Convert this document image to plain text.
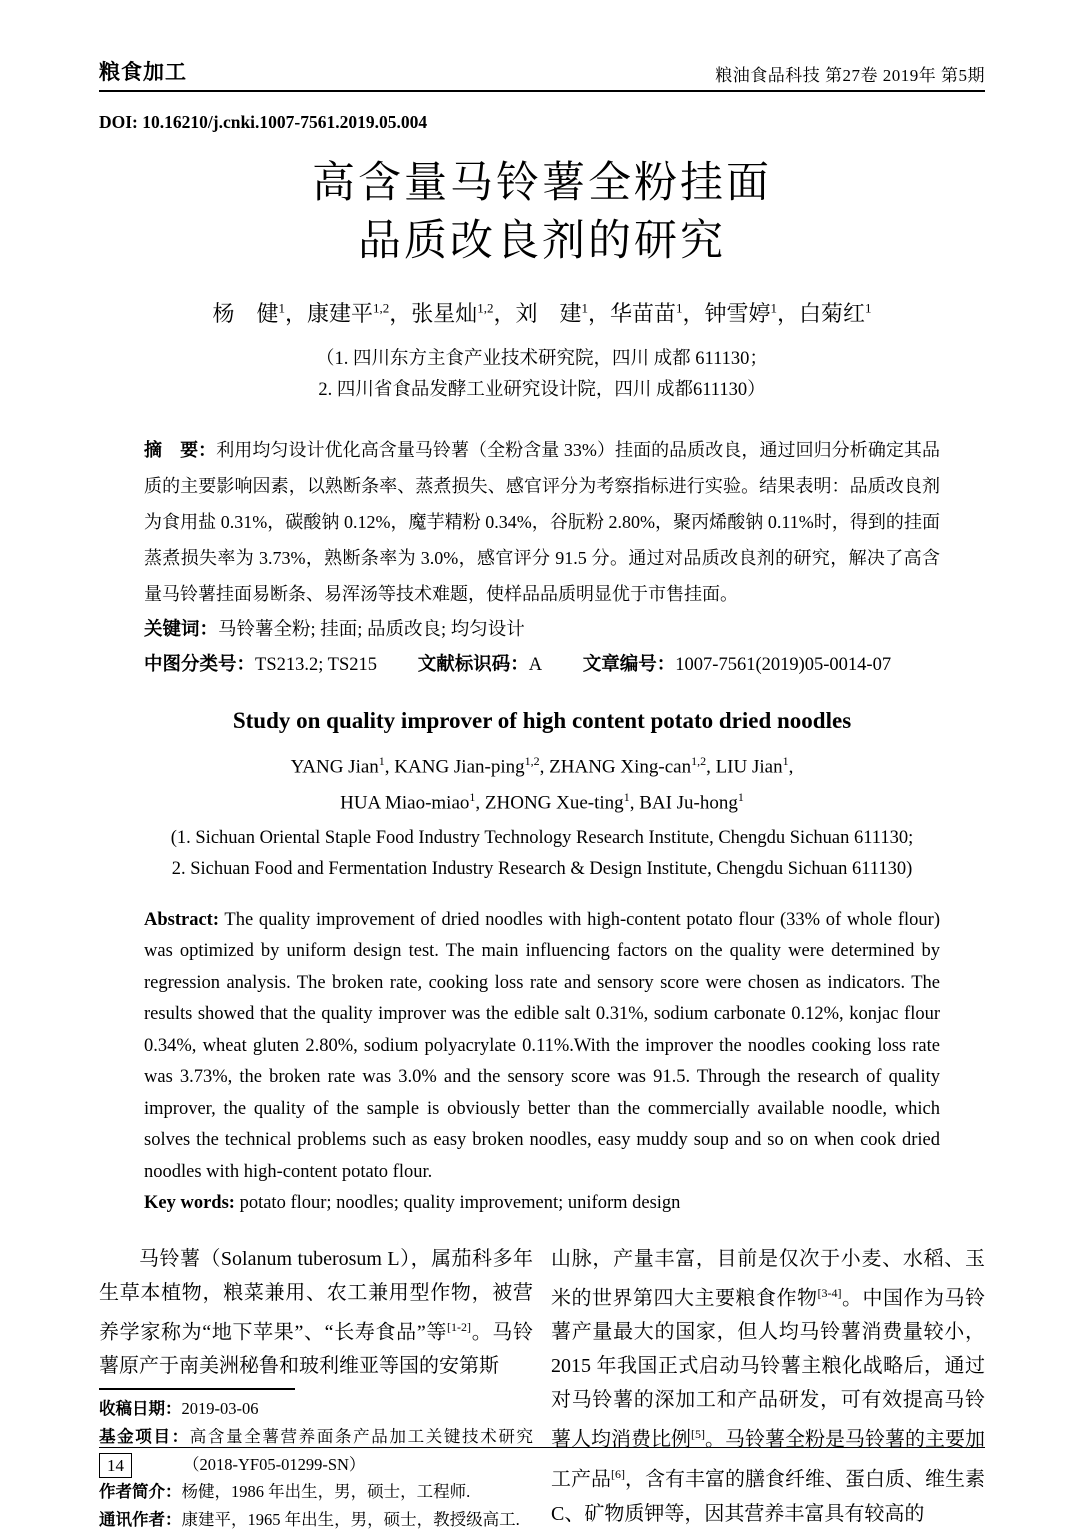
粮食加工	粮油食品科技 第27卷 2019年 第5期
DOI: 10.16210/j.cnki.1007-7561.2019.05.004
高含量马铃薯全粉挂面
品质改良剂的研究
杨　健$^1$，康建平$^{1,2}$，张星灿$^{1,2}$，刘　建$^1$，华苗苗$^1$，钟雪婷$^1$，白菊红$^1$
（1. 四川东方主食产业技术研究院，四川 成都 611130；
2. 四川省食品发酵工业研究设计院，四川 成都611130）
摘　要：利用均匀设计优化高含量马铃薯（全粉含量 33%）挂面的品质改良，通过回归分析确定其品质的主要影响因素，以熟断条率、蒸煮损失、感官评分为考察指标进行实验。结果表明：品质改良剂为食用盐 0.31%，碳酸钠 0.12%，魔芋精粉 0.34%，谷朊粉 2.80%，聚丙烯酸钠 0.11%时，得到的挂面蒸煮损失率为 3.73%，熟断条率为 3.0%，感官评分 91.5 分。通过对品质改良剂的研究，解决了高含量马铃薯挂面易断条、易浑汤等技术难题，使样品品质明显优于市售挂面。
关键词：马铃薯全粉; 挂面; 品质改良; 均匀设计
中图分类号：TS213.2; TS215 文献标识码：A 文章编号：1007-7561(2019)05-0014-07
Study on quality improver of high content potato dried noodles
YANG Jian$^1$, KANG Jian-ping$^{1,2}$, ZHANG Xing-can$^{1,2}$, LIU Jian$^1$,
HUA Miao-miao$^1$, ZHONG Xue-ting$^1$, BAI Ju-hong$^1$
(1. Sichuan Oriental Staple Food Industry Technology Research Institute, Chengdu Sichuan 611130;
2. Sichuan Food and Fermentation Industry Research & Design Institute, Chengdu Sichuan 611130)
Abstract: The quality improvement of dried noodles with high-content potato flour (33% of whole flour) was optimized by uniform design test. The main influencing factors on the quality were determined by regression analysis. The broken rate, cooking loss rate and sensory score were chosen as indicators. The results showed that the quality improver was the edible salt 0.31%, sodium carbonate 0.12%, konjac flour 0.34%, wheat gluten 2.80%, sodium polyacrylate 0.11%.With the improver the noodles cooking loss rate was 3.73%, the broken rate was 3.0% and the sensory score was 91.5. Through the research of quality improver, the quality of the sample is obviously better than the commercially available noodle, which solves the technical problems such as easy broken noodles, easy muddy soup and so on when cook dried noodles with high-content potato flour.
Key words: potato flour; noodles; quality improvement; uniform design

马铃薯（Solanum tuberosum L），属茄科多年生草本植物，粮菜兼用、农工兼用型作物，被营养学家称为“地下苹果”、“长寿食品”等[1-2]。马铃薯原产于南美洲秘鲁和玻利维亚等国的安第斯

收稿日期：2019-03-06
基金项目：高含量全薯营养面条产品加工关键技术研究（2018-YF05-01299-SN）
作者简介：杨健，1986 年出生，男，硕士，工程师.
通讯作者：康建平，1965 年出生，男，硕士，教授级高工.

山脉，产量丰富，目前是仅次于小麦、水稻、玉米的世界第四大主要粮食作物[3-4]。中国作为马铃薯产量最大的国家，但人均马铃薯消费量较小，2015 年我国正式启动马铃薯主粮化战略后，通过对马铃薯的深加工和产品研发，可有效提高马铃薯人均消费比例[5]。马铃薯全粉是马铃薯的主要加工产品[6]，含有丰富的膳食纤维、蛋白质、维生素 C、矿物质钾等，因其营养丰富具有较高的

14
